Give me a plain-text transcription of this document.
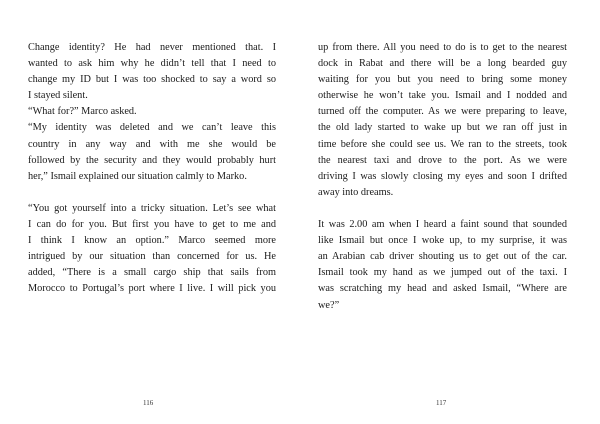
Change identity? He had never mentioned that. I
wanted to ask him why he didn’t tell that I need to
change my ID but I was too shocked to say a word so
I stayed silent.
“What for?” Marco asked.
“My identity was deleted and we can’t leave this
country in any way and with me she would be
followed by the security and they would probably hurt
her,” Ismail explained our situation calmly to Marko.
“You got yourself into a tricky situation. Let’s see what
I can do for you. But first you have to get to me and
I think I know an option.” Marco seemed more
intrigued by our situation than concerned for us. He
added, “There is a small cargo ship that sails from
Morocco to Portugal’s port where I live. I will pick you
up from there. All you need to do is to get to the nearest
dock in Rabat and there will be a long bearded guy
waiting for you but you need to bring some money
otherwise he won’t take you. Ismail and I nodded and
turned off the computer. As we were preparing to leave,
the old lady started to wake up but we ran off just in
time before she could see us. We ran to the streets, took
the nearest taxi and drove to the port. As we were
driving I was slowly closing my eyes and soon I drifted
away into dreams.
It was 2.00 am when I heard a faint sound that sounded
like Ismail but once I woke up, to my surprise, it was
an Arabian cab driver shouting us to get out of the car.
Ismail took my hand as we jumped out of the taxi. I
was scratching my head and asked Ismail, “Where are
we?”
116	117
